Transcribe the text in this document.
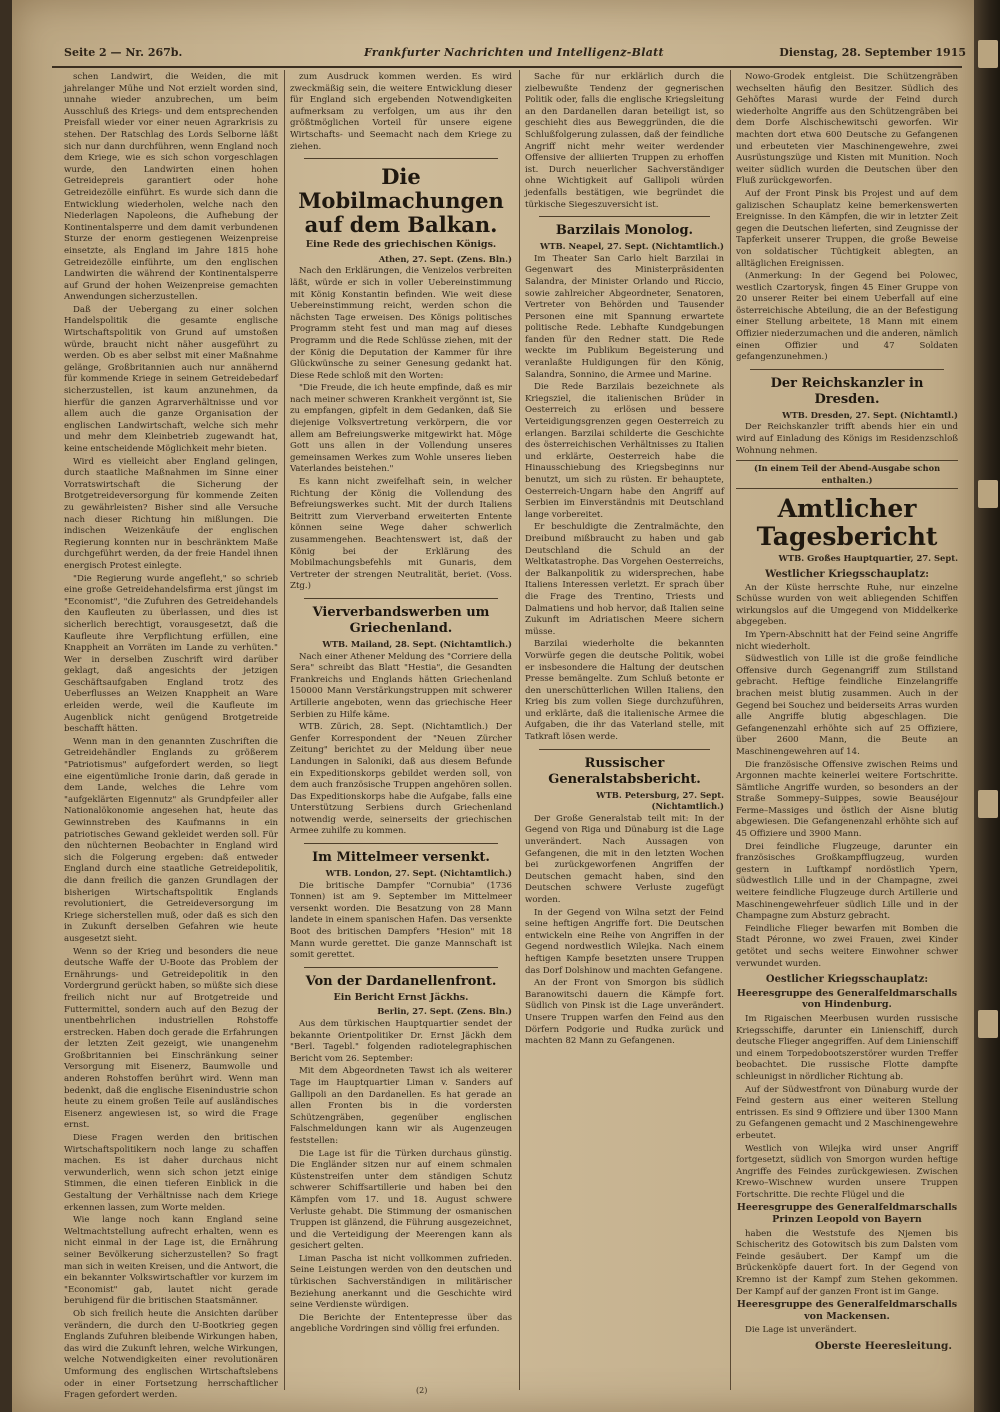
Seite 2 — Nr. 267b.	Frankfurter Nachrichten und Intelligenz-Blatt	Dienstag, 28. September 1915

schen Landwirt, die Weiden, die mit jahrelanger Mühe und Not erzielt worden sind, unnahe wieder anzubrechen, um beim Ausschluß des Kriegs- und dem entsprechenden Preisfall wieder vor einer neuen Agrarkrisis zu stehen. Der Ratschlag des Lords Selborne läßt sich nur dann durchführen, wenn England noch dem Kriege, wie es sich schon vorgeschlagen wurde, den Landwirten einen hohen Getreidepreis garantiert oder hohe Getreidezölle einführt. Es wurde sich dann die Entwicklung wiederholen, welche nach den Niederlagen Napoleons, die Aufhebung der Kontinentalsperre und dem damit verbundenen Sturze der enorm gestiegenen Weizenpreise einsetzte, als England im Jahre 1815 hohe Getreidezölle einführte, um den englischen Landwirten die während der Kontinentalsperre auf Grund der hohen Weizenpreise gemachten Anwendungen sicherzustellen.

Daß der Uebergang zu einer solchen Handelspolitik die gesamte englische Wirtschaftspolitik von Grund auf umstoßen würde, braucht nicht näher ausgeführt zu werden. Ob es aber selbst mit einer Maßnahme gelänge, Großbritannien auch nur annähernd für kommende Kriege in seinem Getreidebedarf sicherzustellen, ist kaum anzunehmen, da hierfür die ganzen Agrarverhältnisse und vor allem auch die ganze Organisation der englischen Landwirtschaft, welche sich mehr und mehr dem Kleinbetrieb zugewandt hat, keine entscheidende Möglichkeit mehr bieten.

Wird es vielleicht aber England gelingen, durch staatliche Maßnahmen im Sinne einer Vorratswirtschaft die Sicherung der Brotgetreideversorgung für kommende Zeiten zu gewährleisten? Bisher sind alle Versuche nach dieser Richtung hin mißlungen. Die indischen Weizenkäufe der englischen Regierung konnten nur in beschränktem Maße durchgeführt werden, da der freie Handel ihnen energisch Protest einlegte.

"Die Regierung wurde angefleht," so schrieb eine große Getreidehandelsfirma erst jüngst im "Economist", "die Zufuhren des Getreidehandels den Kaufleuten zu überlassen, und dies ist sicherlich berechtigt, vorausgesetzt, daß die Kaufleute ihre Verpflichtung erfüllen, eine Knappheit an Vorräten im Lande zu verhüten." Wer in derselben Zuschrift wird darüber geklagt, daß angesichts der jetzigen Geschäftsaufgaben England trotz des Ueberflusses an Weizen Knappheit an Ware erleiden werde, weil die Kaufleute im Augenblick nicht genügend Brotgetreide beschafft hätten.

Wenn man in den genannten Zuschriften die Getreidehändler Englands zu größerem "Patriotismus" aufgefordert werden, so liegt eine eigentümliche Ironie darin, daß gerade in dem Lande, welches die Lehre vom "aufgeklärten Eigennutz" als Grundpfeiler aller Nationalökonomie angesehen hat, heute das Gewinnstreben des Kaufmanns in ein patriotisches Gewand gekleidet werden soll. Für den nüchternen Beobachter in England wird sich die Folgerung ergeben: daß entweder England durch eine staatliche Getreidepolitik, die dann freilich die ganzen Grundlagen der bisherigen Wirtschaftspolitik Englands revolutioniert, die Getreideversorgung im Kriege sicherstellen muß, oder daß es sich den in Zukunft derselben Gefahren wie heute ausgesetzt sieht.

Wenn so der Krieg und besonders die neue deutsche Waffe der U-Boote das Problem der Ernährungs- und Getreidepolitik in den Vordergrund gerückt haben, so müßte sich diese freilich nicht nur auf Brotgetreide und Futtermittel, sondern auch auf den Bezug der unentbehrlichen industriellen Rohstoffe erstrecken. Haben doch gerade die Erfahrungen der letzten Zeit gezeigt, wie unangenehm Großbritannien bei Einschränkung seiner Versorgung mit Eisenerz, Baumwolle und anderen Rohstoffen berührt wird. Wenn man bedenkt, daß die englische Eisenindustrie schon heute zu einem großen Teile auf ausländisches Eisenerz angewiesen ist, so wird die Frage ernst.

Diese Fragen werden den britischen Wirtschaftspolitikern noch lange zu schaffen machen. Es ist daher durchaus nicht verwunderlich, wenn sich schon jetzt einige Stimmen, die einen tieferen Einblick in die Gestaltung der Verhältnisse nach dem Kriege erkennen lassen, zum Worte melden.

Wie lange noch kann England seine Weltmachtstellung aufrecht erhalten, wenn es nicht einmal in der Lage ist, die Ernährung seiner Bevölkerung sicherzustellen? So fragt man sich in weiten Kreisen, und die Antwort, die ein bekannter Volkswirtschaftler vor kurzem im "Economist" gab, lautet nicht gerade beruhigend für die britischen Staatsmänner.

Ob sich freilich heute die Ansichten darüber verändern, die durch den U-Bootkrieg gegen Englands Zufuhren bleibende Wirkungen haben, das wird die Zukunft lehren, welche Wirkungen, welche Notwendigkeiten einer revolutionären Umformung des englischen Wirtschaftslebens oder in einer Fortsetzung herrschaftlicher Fragen gefordert werden.

zum Ausdruck kommen werden. Es wird zweckmäßig sein, die weitere Entwicklung dieser für England sich ergebenden Notwendigkeiten aufmerksam zu verfolgen, um aus ihr den größtmöglichen Vorteil für unsere eigene Wirtschafts- und Seemacht nach dem Kriege zu ziehen.

Die Mobilmachungen auf dem Balkan.
Eine Rede des griechischen Königs.
Athen, 27. Sept. (Zens. Bln.)

Nach den Erklärungen, die Venizelos verbreiten läßt, würde er sich in voller Uebereinstimmung mit König Konstantin befinden. Wie weit diese Uebereinstimmung reicht, werden schon die nächsten Tage erweisen. Des Königs politisches Programm steht fest und man mag auf dieses Programm und die Rede Schlüsse ziehen, mit der der König die Deputation der Kammer für ihre Glückwünsche zu seiner Genesung gedankt hat. Diese Rede schloß mit den Worten:

"Die Freude, die ich heute empfinde, daß es mir nach meiner schweren Krankheit vergönnt ist, Sie zu empfangen, gipfelt in dem Gedanken, daß Sie diejenige Volksvertretung verkörpern, die vor allem am Befreiungswerke mitgewirkt hat. Möge Gott uns allen in der Vollendung unseres gemeinsamen Werkes zum Wohle unseres lieben Vaterlandes beistehen."

Es kann nicht zweifelhaft sein, in welcher Richtung der König die Vollendung des Befreiungswerkes sucht. Mit der durch Italiens Beitritt zum Vierverband erweiterten Entente können seine Wege daher schwerlich zusammengehen. Beachtenswert ist, daß der König bei der Erklärung des Mobilmachungsbefehls mit Gunaris, dem Vertreter der strengen Neutralität, beriet. (Voss. Ztg.)

Vierverbandswerben um Griechenland.
WTB. Mailand, 28. Sept. (Nichtamtlich.)

Nach einer Athener Meldung des "Corriere della Sera" schreibt das Blatt "Hestia", die Gesandten Frankreichs und Englands hätten Griechenland 150000 Mann Verstärkungstruppen mit schwerer Artillerie angeboten, wenn das griechische Heer Serbien zu Hilfe käme.

WTB. Zürich, 28. Sept. (Nichtamtlich.) Der Genfer Korrespondent der "Neuen Zürcher Zeitung" berichtet zu der Meldung über neue Landungen in Saloniki, daß aus diesem Befunde ein Expeditionskorps gebildet werden soll, von dem auch französische Truppen angehören sollen. Das Expeditionskorps habe die Aufgabe, falls eine Unterstützung Serbiens durch Griechenland notwendig werde, seinerseits der griechischen Armee zuhilfe zu kommen.

Im Mittelmeer versenkt.
WTB. London, 27. Sept. (Nichtamtlich.)

Die britische Dampfer "Cornubia" (1736 Tonnen) ist am 9. September im Mittelmeer versenkt worden. Die Besatzung von 28 Mann landete in einem spanischen Hafen. Das versenkte Boot des britischen Dampfers "Hesion" mit 18 Mann wurde gerettet. Die ganze Mannschaft ist somit gerettet.

Von der Dardanellenfront.
Ein Bericht Ernst Jäckhs.
Berlin, 27. Sept. (Zens. Bln.)

Aus dem türkischen Hauptquartier sendet der bekannte Orientpolitiker Dr. Ernst Jäckh dem "Berl. Tagebl." folgenden radiotelegraphischen Bericht vom 26. September:

Mit dem Abgeordneten Tawst ich als weiterer Tage im Hauptquartier Liman v. Sanders auf Gallipoli an den Dardanellen. Es hat gerade an allen Fronten bis in die vordersten Schützengräben, gegenüber englischen Falschmeldungen kann wir als Augenzeugen feststellen:

Die Lage ist für die Türken durchaus günstig. Die Engländer sitzen nur auf einem schmalen Küstenstreifen unter dem ständigen Schutz schwerer Schiffsartillerie und haben bei den Kämpfen vom 17. und 18. August schwere Verluste gehabt. Die Stimmung der osmanischen Truppen ist glänzend, die Führung ausgezeichnet, und die Verteidigung der Meerengen kann als gesichert gelten.

Liman Pascha ist nicht vollkommen zufrieden. Seine Leistungen werden von den deutschen und türkischen Sachverständigen in militärischer Beziehung anerkannt und die Geschichte wird seine Verdienste würdigen.

Die Berichte der Ententepresse über das angebliche Vordringen sind völlig frei erfunden.

Sache für nur erklärlich durch die zielbewußte Tendenz der gegnerischen Politik oder, falls die englische Kriegsleitung an den Dardanellen daran beteiligt ist, so geschieht dies aus Beweggründen, die die Schlußfolgerung zulassen, daß der feindliche Angriff nicht mehr weiter werdender Offensive der alliierten Truppen zu erhoffen ist. Durch neuerlicher Sachverständiger ohne Wichtigkeit auf Gallipoli würden jedenfalls bestätigen, wie begründet die türkische Siegeszuversicht ist.

Barzilais Monolog.
WTB. Neapel, 27. Sept. (Nichtamtlich.)

Im Theater San Carlo hielt Barzilai in Gegenwart des Ministerpräsidenten Salandra, der Minister Orlando und Riccio, sowie zahlreicher Abgeordneter, Senatoren, Vertreter von Behörden und Tausender Personen eine mit Spannung erwartete politische Rede. Lebhafte Kundgebungen fanden für den Redner statt. Die Rede weckte im Publikum Begeisterung und veranlaßte Huldigungen für den König, Salandra, Sonnino, die Armee und Marine.

Die Rede Barzilais bezeichnete als Kriegsziel, die italienischen Brüder in Oesterreich zu erlösen und bessere Verteidigungsgrenzen gegen Oesterreich zu erlangen. Barzilai schilderte die Geschichte des österreichischen Verhältnisses zu Italien und erklärte, Oesterreich habe die Hinausschiebung des Kriegsbeginns nur benutzt, um sich zu rüsten. Er behauptete, Oesterreich-Ungarn habe den Angriff auf Serbien im Einverständnis mit Deutschland lange vorbereitet.

Er beschuldigte die Zentralmächte, den Dreibund mißbraucht zu haben und gab Deutschland die Schuld an der Weltkatastrophe. Das Vorgehen Oesterreichs, der Balkanpolitik zu widersprechen, habe Italiens Interessen verletzt. Er sprach über die Frage des Trentino, Triests und Dalmatiens und hob hervor, daß Italien seine Zukunft im Adriatischen Meere sichern müsse.

Barzilai wiederholte die bekannten Vorwürfe gegen die deutsche Politik, wobei er insbesondere die Haltung der deutschen Presse bemängelte. Zum Schluß betonte er den unerschütterlichen Willen Italiens, den Krieg bis zum vollen Siege durchzuführen, und erklärte, daß die italienische Armee die Aufgaben, die ihr das Vaterland stelle, mit Tatkraft lösen werde.

Russischer Generalstabsbericht.
WTB. Petersburg, 27. Sept. (Nichtamtlich.)

Der Große Generalstab teilt mit: In der Gegend von Riga und Dünaburg ist die Lage unverändert. Nach Aussagen von Gefangenen, die mit in den letzten Wochen bei zurückgeworfenen Angriffen der Deutschen gemacht haben, sind den Deutschen schwere Verluste zugefügt worden.

In der Gegend von Wilna setzt der Feind seine heftigen Angriffe fort. Die Deutschen entwickeln eine Reihe von Angriffen in der Gegend nordwestlich Wilejka. Nach einem heftigen Kampfe besetzten unsere Truppen das Dorf Dolshinow und machten Gefangene.

An der Front von Smorgon bis südlich Baranowitschi dauern die Kämpfe fort. Südlich von Pinsk ist die Lage unverändert. Unsere Truppen warfen den Feind aus den Dörfern Podgorie und Rudka zurück und machten 82 Mann zu Gefangenen.

Nowo-Grodek entgleist. Die Schützengräben wechselten häufig den Besitzer. Südlich des Gehöftes Marasi wurde der Feind durch wiederholte Angriffe aus den Schützengräben bei dem Dorfe Alschischewitschi geworfen. Wir machten dort etwa 600 Deutsche zu Gefangenen und erbeuteten vier Maschinengewehre, zwei Ausrüstungszüge und Kisten mit Munition. Noch weiter südlich wurden die Deutschen über den Fluß zurückgeworfen.

Auf der Front Pinsk bis Projest und auf dem galizischen Schauplatz keine bemerkenswerten Ereignisse. In den Kämpfen, die wir in letzter Zeit gegen die Deutschen lieferten, sind Zeugnisse der Tapferkeit unserer Truppen, die große Beweise von soldatischer Tüchtigkeit ablegten, an alltäglichen Ereignissen.

(Anmerkung: In der Gegend bei Polowec, westlich Czartorysk, fingen 45 Einer Gruppe von 20 unserer Reiter bei einem Ueberfall auf eine österreichische Abteilung, die an der Befestigung einer Stellung arbeitete, 18 Mann mit einem Offizier niederzumachen und die anderen, nämlich einen Offizier und 47 Soldaten gefangenzunehmen.)

Der Reichskanzler in Dresden.
WTB. Dresden, 27. Sept. (Nichtamtl.)

Der Reichskanzler trifft abends hier ein und wird auf Einladung des Königs im Residenzschloß Wohnung nehmen.

(In einem Teil der Abend-Ausgabe schon enthalten.)
Amtlicher Tagesbericht
WTB. Großes Hauptquartier, 27. Sept.
Westlicher Kriegsschauplatz:

An der Küste herrschte Ruhe, nur einzelne Schüsse wurden von weit abliegenden Schiffen wirkungslos auf die Umgegend von Middelkerke abgegeben.

Im Ypern-Abschnitt hat der Feind seine Angriffe nicht wiederholt.

Südwestlich von Lille ist die große feindliche Offensive durch Gegenangriff zum Stillstand gebracht. Heftige feindliche Einzelangriffe brachen meist blutig zusammen. Auch in der Gegend bei Souchez und beiderseits Arras wurden alle Angriffe blutig abgeschlagen. Die Gefangenenzahl erhöhte sich auf 25 Offiziere, über 2600 Mann, die Beute an Maschinengewehren auf 14.

Die französische Offensive zwischen Reims und Argonnen machte keinerlei weitere Fortschritte. Sämtliche Angriffe wurden, so besonders an der Straße Sommepy–Suippes, sowie Beauséjour Ferme–Massiges und östlich der Aisne blutig abgewiesen. Die Gefangenenzahl erhöhte sich auf 45 Offiziere und 3900 Mann.

Drei feindliche Flugzeuge, darunter ein französisches Großkampfflugzeug, wurden gestern in Luftkampf nordöstlich Ypern, südwestlich Lille und in der Champagne, zwei weitere feindliche Flugzeuge durch Artillerie und Maschinengewehrfeuer südlich Lille und in der Champagne zum Absturz gebracht.

Feindliche Flieger bewarfen mit Bomben die Stadt Péronne, wo zwei Frauen, zwei Kinder getötet und sechs weitere Einwohner schwer verwundet wurden.

Oestlicher Kriegsschauplatz:
Heeresgruppe des Generalfeldmarschalls von Hindenburg.

Im Rigaischen Meerbusen wurden russische Kriegsschiffe, darunter ein Linienschiff, durch deutsche Flieger angegriffen. Auf dem Linienschiff und einem Torpedobootszerstörer wurden Treffer beobachtet. Die russische Flotte dampfte schleunigst in nördlicher Richtung ab.

Auf der Südwestfront von Dünaburg wurde der Feind gestern aus einer weiteren Stellung entrissen. Es sind 9 Offiziere und über 1300 Mann zu Gefangenen gemacht und 2 Maschinengewehre erbeutet.

Westlich von Wilejka wird unser Angriff fortgesetzt, südlich von Smorgon wurden heftige Angriffe des Feindes zurückgewiesen. Zwischen Krewo–Wischnew wurden unsere Truppen Fortschritte. Die rechte Flügel und die

Heeresgruppe des Generalfeldmarschalls Prinzen Leopold von Bayern

haben die Weststufe des Njemen bis Schischeritz des Gotowitsch bis zum Dalsten vom Feinde gesäubert. Der Kampf um die Brückenköpfe dauert fort. In der Gegend von Kremno ist der Kampf zum Stehen gekommen. Der Kampf auf der ganzen Front ist im Gange.

Heeresgruppe des Generalfeldmarschalls von Mackensen.

Die Lage ist unverändert.

Oberste Heeresleitung.
(2)
